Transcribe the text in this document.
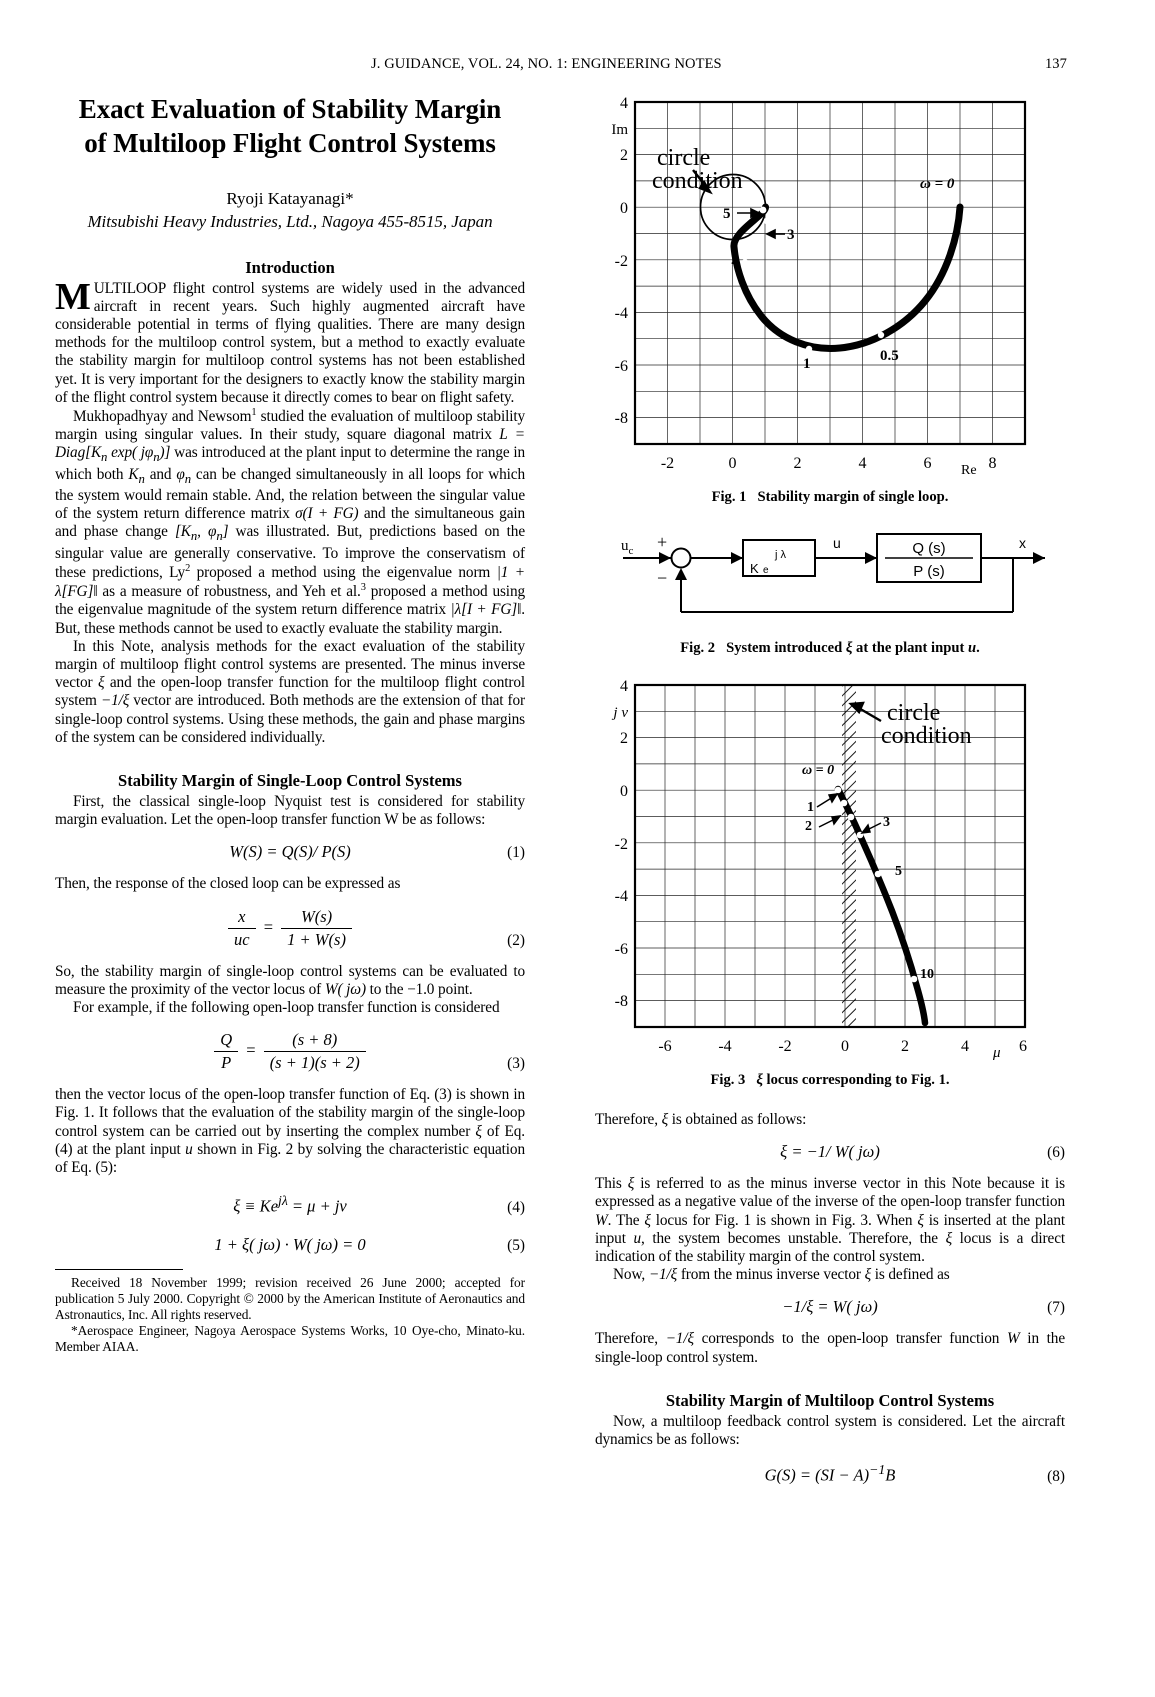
J. GUIDANCE, VOL. 24, NO. 1: ENGINEERING NOTES	137
Exact Evaluation of Stability Margin
of Multiloop Flight Control Systems
Ryoji Katayanagi*
Mitsubishi Heavy Industries, Ltd., Nagoya 455-8515, Japan
Introduction

MULTILOOP flight control systems are widely used in the advanced aircraft in recent years. Such highly augmented aircraft have considerable potential in terms of flying qualities. There are many design methods for the multiloop control system, but a method to exactly evaluate the stability margin for multiloop control systems has not been established yet. It is very important for the designers to exactly know the stability margin of the flight control system because it directly comes to bear on flight safety.

Mukhopadhyay and Newsom$^1$ studied the evaluation of multiloop stability margin using singular values. In their study, square diagonal matrix $L = Diag[K_n$ exp( $j\varphi_n$)] was introduced at the plant input to determine the range in which both $K_n$ and $\varphi_n$ can be changed simultaneously in all loops for which the system would remain stable. And, the relation between the singular value of the system return difference matrix σ(I + FG) and the simultaneous gain and phase change [$K_n$, $\varphi_n$] was illustrated. But, predictions based on the singular value are generally conservative. To improve the conservatism of these predictions, Ly$^2$ proposed a method using the eigenvalue norm |1 + λ[FG]‖ as a measure of robustness, and Yeh et al.$^3$ proposed a method using the eigenvalue magnitude of the system return difference matrix |λ[I + FG]‖. But, these methods cannot be used to exactly evaluate the stability margin.

In this Note, analysis methods for the exact evaluation of the stability margin of multiloop flight control systems are presented. The minus inverse vector ξ and the open-loop transfer function for the multiloop flight control system −1/ξ vector are introduced. Both methods are the extension of that for single-loop control systems. Using these methods, the gain and phase margins of the system can be considered individually.

Stability Margin of Single-Loop Control Systems

First, the classical single-loop Nyquist test is considered for stability margin evaluation. Let the open-loop transfer function W be as follows:

W(S) = Q(S)/ P(S)	(1)

Then, the response of the closed loop can be expressed as

$\frac{x}{uc} = \frac{W(s)}{1 + W(s)}$	(2)

So, the stability margin of single-loop control systems can be evaluated to measure the proximity of the vector locus of W( jω) to the −1.0 point.

For example, if the following open-loop transfer function is considered

$\frac{Q}{P} = \frac{(s + 8)}{(s + 1)(s + 2)}$	(3)

then the vector locus of the open-loop transfer function of Eq. (3) is shown in Fig. 1. It follows that the evaluation of the stability margin of the single-loop control system can be carried out by inserting the complex number ξ of Eq. (4) at the plant input u shown in Fig. 2 by solving the characteristic equation of Eq. (5):

$\xi \equiv Ke^{j\lambda} = \mu$ + jv	(4)
1 + ξ( jω) · W( jω) = 0	(5)

Received 18 November 1999; revision received 26 June 2000; accepted for publication 5 July 2000. Copyright © 2000 by the American Institute of Aeronautics and Astronautics, Inc. All rights reserved.

*Aerospace Engineer, Nagoya Aerospace Systems Works, 10 Oye-cho, Minato-ku. Member AIAA.

circle
condition	ω = 0
5
3
2
1	0.5
4
2
0
-2
-4
-6
-8
Im
-2	0	2	4	6	8
Re
Fig. 1 Stability margin of single loop.
$u_c$ +
−	K e
j λ
u	Q (s)
P (s)
x
Fig. 2 System introduced ξ at the plant input u.
circle
condition
ω = 0
1
2	3
5
10
4
2
0
-2
-4
-6
-8
j ν
-6	-4	-2	0	2	4	6
μ
Fig. 3 ξ locus corresponding to Fig. 1.

Therefore, ξ is obtained as follows:

ξ = −1/ W( jω)	(6)

This ξ is referred to as the minus inverse vector in this Note because it is expressed as a negative value of the inverse of the open-loop transfer function W. The ξ locus for Fig. 1 is shown in Fig. 3. When ξ is inserted at the plant input u, the system becomes unstable. Therefore, the ξ locus is a direct indication of the stability margin of the control system.

Now, −1/ξ from the minus inverse vector ξ is defined as

−1/ξ = W( jω)	(7)

Therefore, −1/ξ corresponds to the open-loop transfer function W in the single-loop control system.

Stability Margin of Multiloop Control Systems

Now, a multiloop feedback control system is considered. Let the aircraft dynamics be as follows:

G(S) = (SI − A)$^{-1}$B	(8)
